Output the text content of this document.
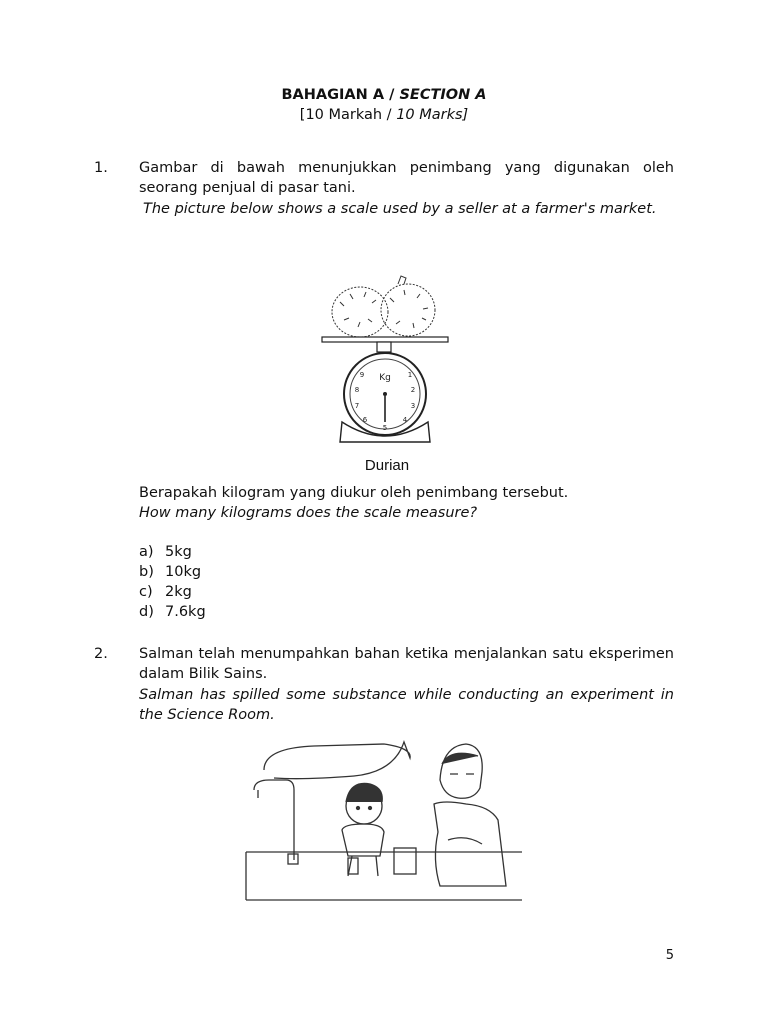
BAHAGIAN A / SECTION A
[10 Markah / 10 Marks]
1. Gambar di bawah menunjukkan penimbang yang digunakan oleh seorang penjual di pasar tani.
The picture below shows a scale used by a seller at a farmer's market.
Kg 1
2
3
4
5
6
7
8
9
Durian
Berapakah kilogram yang diukur oleh penimbang tersebut.
How many kilograms does the scale measure?
a) 5kg
b) 10kg
c) 2kg
d) 7.6kg
2. Salman telah menumpahkan bahan ketika menjalankan satu eksperimen dalam Bilik Sains.
Salman has spilled some substance while conducting an experiment in the Science Room.
5
